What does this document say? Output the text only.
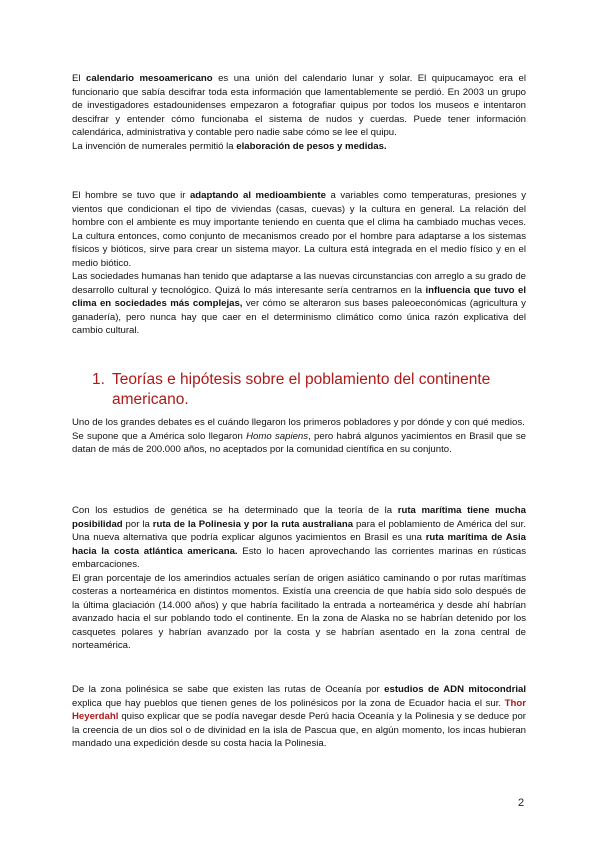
El calendario mesoamericano es una unión del calendario lunar y solar. El quipucamayoc era el funcionario que sabía descifrar toda esta información que lamentablemente se perdió. En 2003 un grupo de investigadores estadounidenses empezaron a fotografiar quipus por todos los museos e intentaron descifrar y entender cómo funcionaba el sistema de nudos y cuerdas. Puede tener información calendárica, administrativa y contable pero nadie sabe cómo se lee el quipu.

La invención de numerales permitió la elaboración de pesos y medidas.

El hombre se tuvo que ir adaptando al medioambiente a variables como temperaturas, presiones y vientos que condicionan el tipo de viviendas (casas, cuevas) y la cultura en general. La relación del hombre con el ambiente es muy importante teniendo en cuenta que el clima ha cambiado muchas veces. La cultura entonces, como conjunto de mecanismos creado por el hombre para adaptarse a los sistemas físicos y bióticos, sirve para crear un sistema mayor. La cultura está integrada en el medio físico y en el medio biótico.

Las sociedades humanas han tenido que adaptarse a las nuevas circunstancias con arreglo a su grado de desarrollo cultural y tecnológico. Quizá lo más interesante sería centrarnos en la influencia que tuvo el clima en sociedades más complejas, ver cómo se alteraron sus bases paleoeconómicas (agricultura y ganadería), pero nunca hay que caer en el determinismo climático como única razón explicativa del cambio cultural.

1. Teorías e hipótesis sobre el poblamiento del continente
americano.

Uno de los grandes debates es el cuándo llegaron los primeros pobladores y por dónde y con qué medios.

Se supone que a América solo llegaron Homo sapiens, pero habrá algunos yacimientos en Brasil que se datan de más de 200.000 años, no aceptados por la comunidad científica en su conjunto.

Con los estudios de genética se ha determinado que la teoría de la ruta marítima tiene mucha posibilidad por la ruta de la Polinesia y por la ruta australiana para el poblamiento de América del sur. Una nueva alternativa que podría explicar algunos yacimientos en Brasil es una ruta marítima de Asia hacia la costa atlántica americana. Esto lo hacen aprovechando las corrientes marinas en rústicas embarcaciones.

El gran porcentaje de los amerindios actuales serían de origen asiático caminando o por rutas marítimas costeras a norteamérica en distintos momentos. Existía una creencia de que había sido solo después de la última glaciación (14.000 años) y que habría facilitado la entrada a norteamérica y desde ahí habrían avanzado hacia el sur poblando todo el continente. En la zona de Alaska no se habrían detenido por los casquetes polares y habrían avanzado por la costa y se habrían asentado en la zona central de norteamérica.

De la zona polinésica se sabe que existen las rutas de Oceanía por estudios de ADN mitocondrial explica que hay pueblos que tienen genes de los polinésicos por la zona de Ecuador hacia el sur. Thor Heyerdahl quiso explicar que se podía navegar desde Perú hacia Oceanía y la Polinesia y se deduce por la creencia de un dios sol o de divinidad en la isla de Pascua que, en algún momento, los incas hubieran mandado una expedición desde su costa hacia la Polinesia.

2
